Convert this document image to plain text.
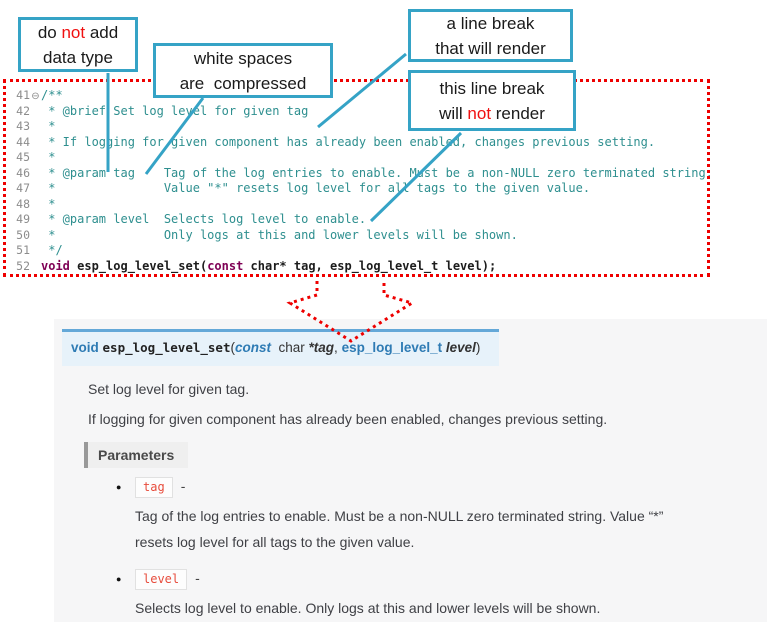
41 ⊖ /**
42 * @brief Set log level for given tag
43 *
44 * If logging for given component has already been enabled, changes previous setting.
45 *
46 * @param tag    Tag of the log entries to enable. Must be a non-NULL zero terminated string.
47 *               Value "*" resets log level for all tags to the given value.
48 *
49 * @param level  Selects log level to enable.
50 *               Only logs at this and lower levels will be shown.
51 */
52 void esp_log_level_set(const char* tag, esp_log_level_t level);
do not add
data type	white spaces
are  compressed
a line break
that will render
this line break
will not render
void esp_log_level_set(const char *tag, esp_log_level_t level)
Set log level for given tag.
If logging for given component has already been enabled, changes previous setting.
Parameters
● tag -
Tag of the log entries to enable. Must be a non-NULL zero terminated string. Value “*” resets log level for all tags to the given value.
● level -
Selects log level to enable. Only logs at this and lower levels will be shown.
